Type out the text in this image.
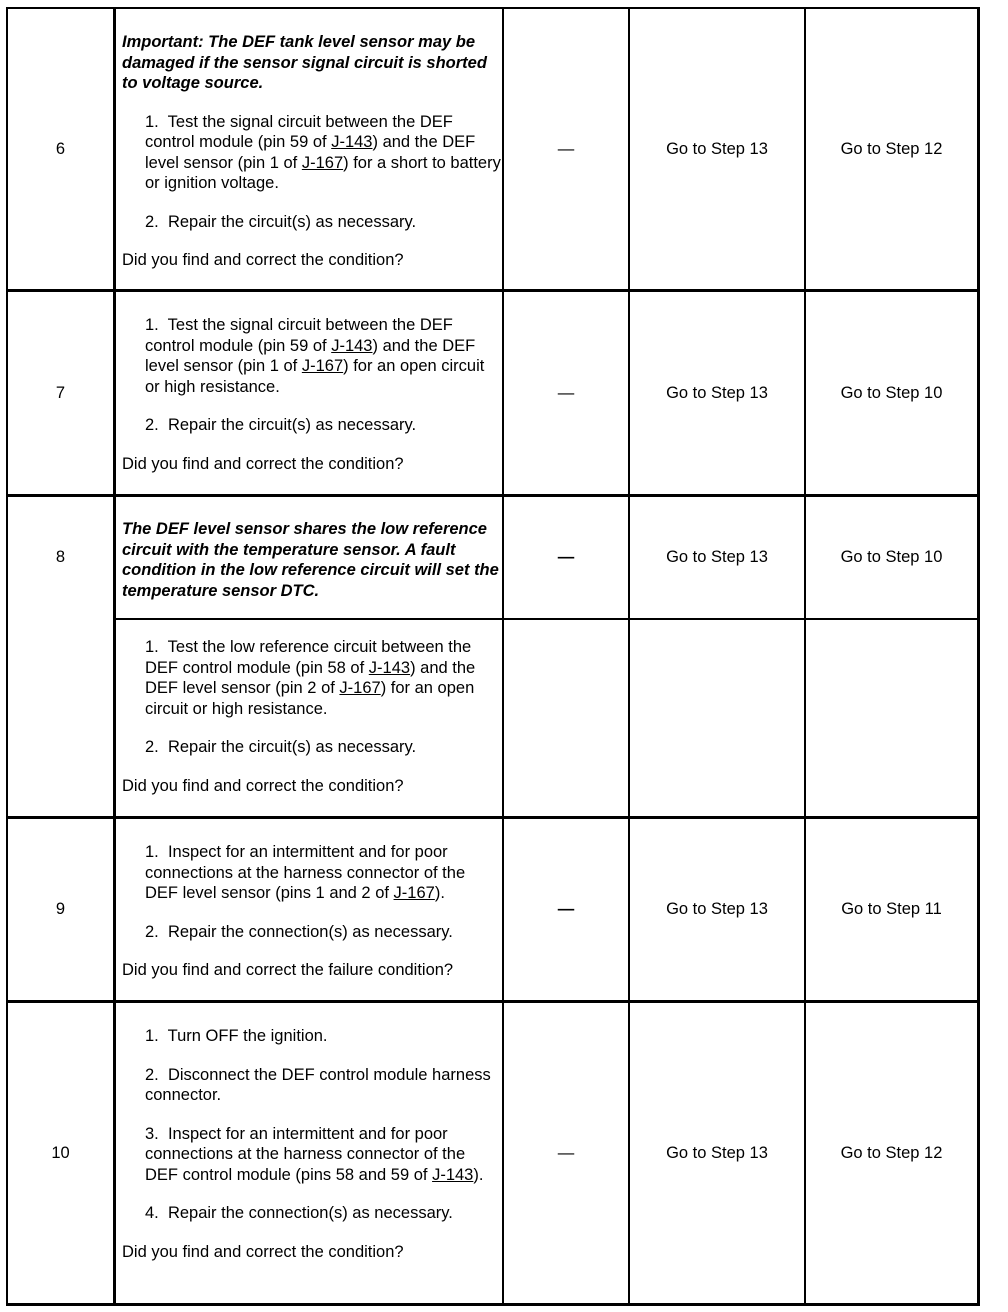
6

Important: The DEF tank level sensor may be damaged if the sensor signal circuit is shorted to voltage source.

1. Test the signal circuit between the DEF control module (pin 59 of J-143) and the DEF level sensor (pin 1 of J-167) for a short to battery or ignition voltage.

2. Repair the circuit(s) as necessary.

Did you find and correct the condition?

—	Go to Step 13	Go to Step 12
7

1. Test the signal circuit between the DEF control module (pin 59 of J-143) and the DEF level sensor (pin 1 of J-167) for an open circuit or high resistance.

2. Repair the circuit(s) as necessary.

Did you find and correct the condition?

—	Go to Step 13	Go to Step 10
8

The DEF level sensor shares the low reference circuit with the temperature sensor. A fault condition in the low reference circuit will set the temperature sensor DTC.

1. Test the low reference circuit between the DEF control module (pin 58 of J-143) and the DEF level sensor (pin 2 of J-167) for an open circuit or high resistance.

2. Repair the circuit(s) as necessary.

Did you find and correct the condition?

—	Go to Step 13	Go to Step 10
9

1. Inspect for an intermittent and for poor connections at the harness connector of the DEF level sensor (pins 1 and 2 of J-167).

2. Repair the connection(s) as necessary.

Did you find and correct the failure condition?

—	Go to Step 13	Go to Step 11
10

1. Turn OFF the ignition.

2. Disconnect the DEF control module harness connector.

3. Inspect for an intermittent and for poor connections at the harness connector of the DEF control module (pins 58 and 59 of J-143).

4. Repair the connection(s) as necessary.

Did you find and correct the condition?

—	Go to Step 13	Go to Step 12
